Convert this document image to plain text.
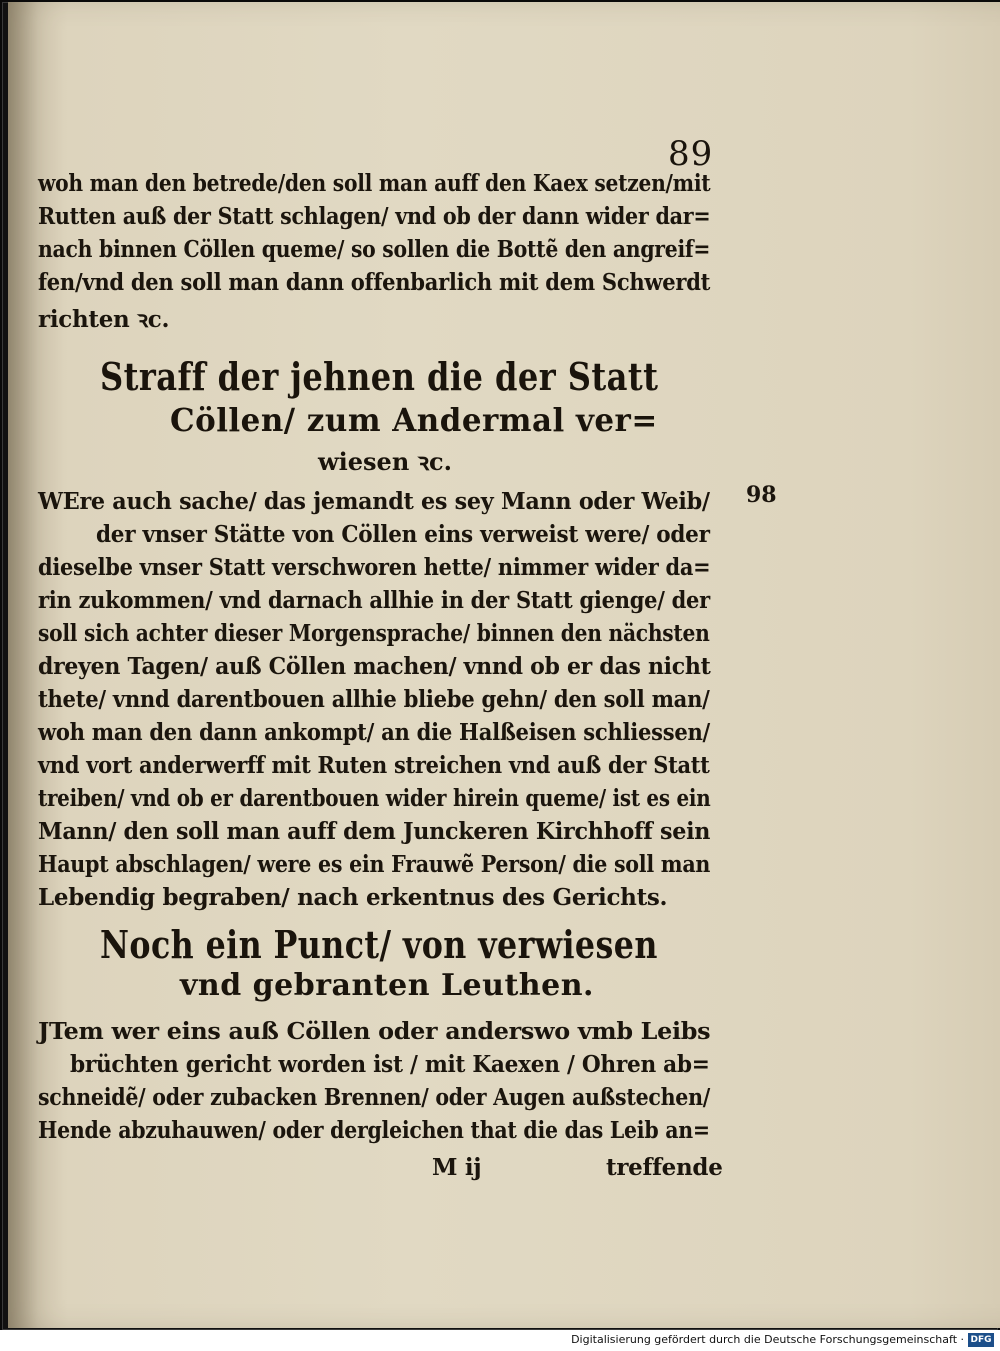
89
woh man den betrede/den soll man auff den Kaex setzen/mit
Rutten auß der Statt schlagen/ vnd ob der dann wider dar=
nach binnen Cöllen queme/ so sollen die Bottẽ den angreif=
fen/vnd den soll man dann offenbarlich mit dem Schwerdt
richten ꝛc.
Straff der jehnen die der Statt
Cöllen/ zum Andermal ver=
wiesen ꝛc.
98
WEre auch sache/ das jemandt es sey Mann oder Weib/
der vnser Stätte von Cöllen eins verweist were/ oder
dieselbe vnser Statt verschworen hette/ nimmer wider da=
rin zukommen/ vnd darnach allhie in der Statt gienge/ der
soll sich achter dieser Morgensprache/ binnen den nächsten
dreyen Tagen/ auß Cöllen machen/ vnnd ob er das nicht
thete/ vnnd darentbouen allhie bliebe gehn/ den soll man/
woh man den dann ankompt/ an die Halßeisen schliessen/
vnd vort anderwerff mit Ruten streichen vnd auß der Statt
treiben/ vnd ob er darentbouen wider hirein queme/ ist es ein
Mann/ den soll man auff dem Junckeren Kirchhoff sein
Haupt abschlagen/ were es ein Frauwẽ Person/ die soll man
Lebendig begraben/ nach erkentnus des Gerichts.
Noch ein Punct/ von verwiesen
vnd gebranten Leuthen.
JTem wer eins auß Cöllen oder anderswo vmb Leibs
brüchten gericht worden ist / mit Kaexen / Ohren ab=
schneidẽ/ oder zubacken Brennen/ oder Augen außstechen/
Hende abzuhauwen/ oder dergleichen that die das Leib an=
M ij	treffende
Digitalisierung gefördert durch die Deutsche Forschungsgemeinschaft · DFG
